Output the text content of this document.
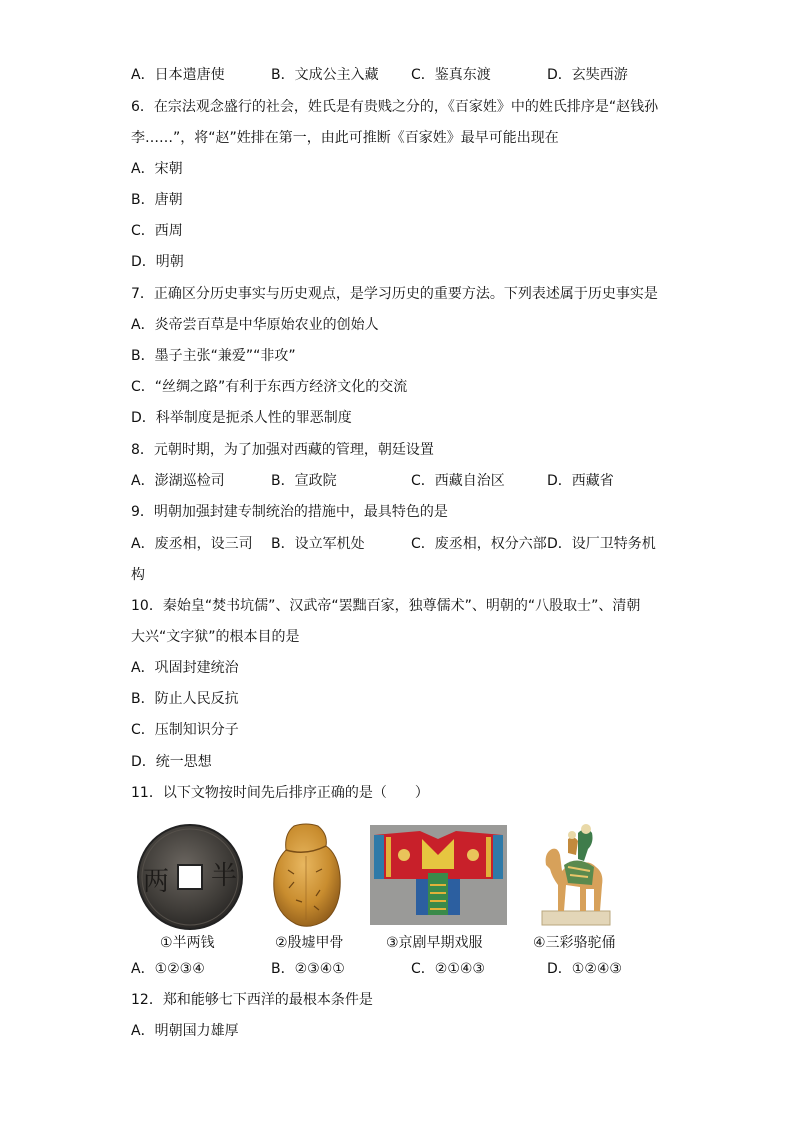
A．日本遣唐使	B．文成公主入藏 C．鉴真东渡	D．玄奘西游
6．在宗法观念盛行的社会，姓氏是有贵贱之分的，《百家姓》中的姓氏排序是“赵钱孙
李……”，将“赵”姓排在第一，由此可推断《百家姓》最早可能出现在
A．宋朝
B．唐朝
C．西周
D．明朝
7．正确区分历史事实与历史观点，是学习历史的重要方法。下列表述属于历史事实是
A．炎帝尝百草是中华原始农业的创始人
B．墨子主张“兼爱”“非攻”
C．“丝绸之路”有利于东西方经济文化的交流
D．科举制度是扼杀人性的罪恶制度
8．元朝时期，为了加强对西藏的管理，朝廷设置
A．澎湖巡检司	B．宣政院	C．西藏自治区	D．西藏省
9．明朝加强封建专制统治的措施中，最具特色的是
A．废丞相，设三司 B．设立军机处	C．废丞相，权分六部 D．设厂卫特务机
构
10．秦始皇“焚书坑儒”、汉武帝“罢黜百家，独尊儒术”、明朝的“八股取士”、清朝
大兴“文字狱”的根本目的是
A．巩固封建统治
B．防止人民反抗
C．压制知识分子
D．统一思想
11．以下文物按时间先后排序正确的是（　　）
半
两
①半两钱	②殷墟甲骨	③京剧早期戏服	④三彩骆驼俑
A．①②③④	B．②③④①	C．②①④③	D．①②④③
12．郑和能够七下西洋的最根本条件是
A．明朝国力雄厚
